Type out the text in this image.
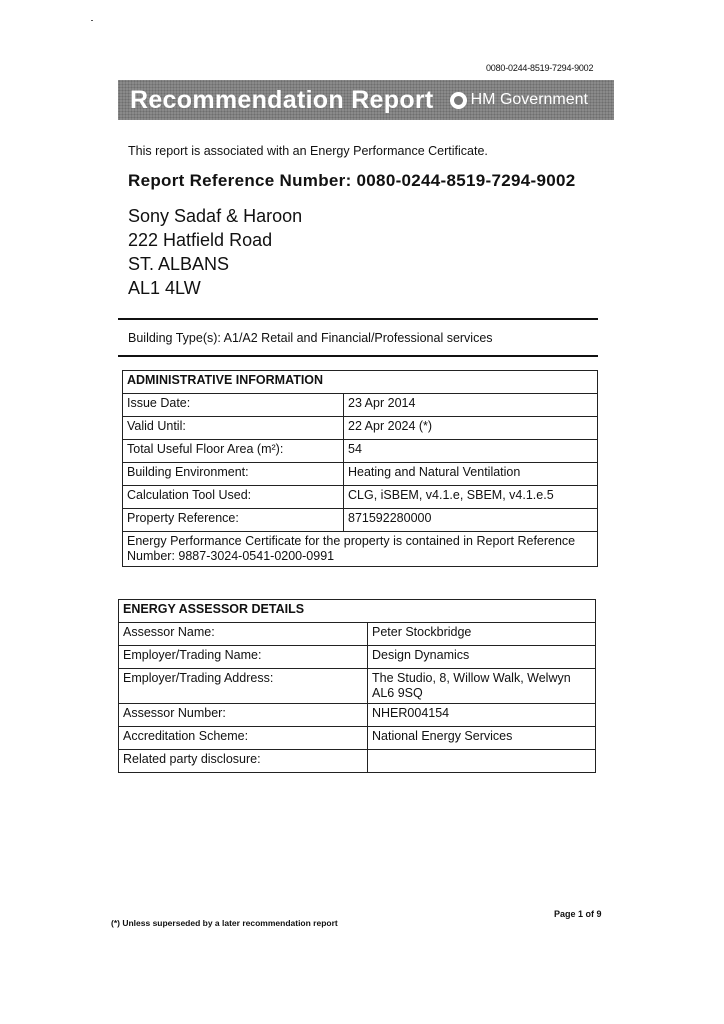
0080-0244-8519-7294-9002
Recommendation Report HM Government
This report is associated with an Energy Performance Certificate.
Report Reference Number: 0080-0244-8519-7294-9002
Sony Sadaf & Haroon
222 Hatfield Road
ST. ALBANS
AL1 4LW
Building Type(s): A1/A2 Retail and Financial/Professional services
ADMINISTRATIVE INFORMATION	
Issue Date:	23 Apr 2014
Valid Until:	22 Apr 2024 (*)
Total Useful Floor Area (m²):	54
Building Environment:	Heating and Natural Ventilation
Calculation Tool Used:	CLG, iSBEM, v4.1.e, SBEM, v4.1.e.5
Property Reference:	871592280000
Energy Performance Certificate for the property is contained in Report Reference Number: 9887-3024-0541-0200-0991	
ENERGY ASSESSOR DETAILS	
Assessor Name:	Peter Stockbridge
Employer/Trading Name:	Design Dynamics
Employer/Trading Address:	The Studio, 8, Willow Walk, Welwyn AL6 9SQ
Assessor Number:	NHER004154
Accreditation Scheme:	National Energy Services
Related party disclosure:	
(*) Unless superseded by a later recommendation report
Page 1 of 9
